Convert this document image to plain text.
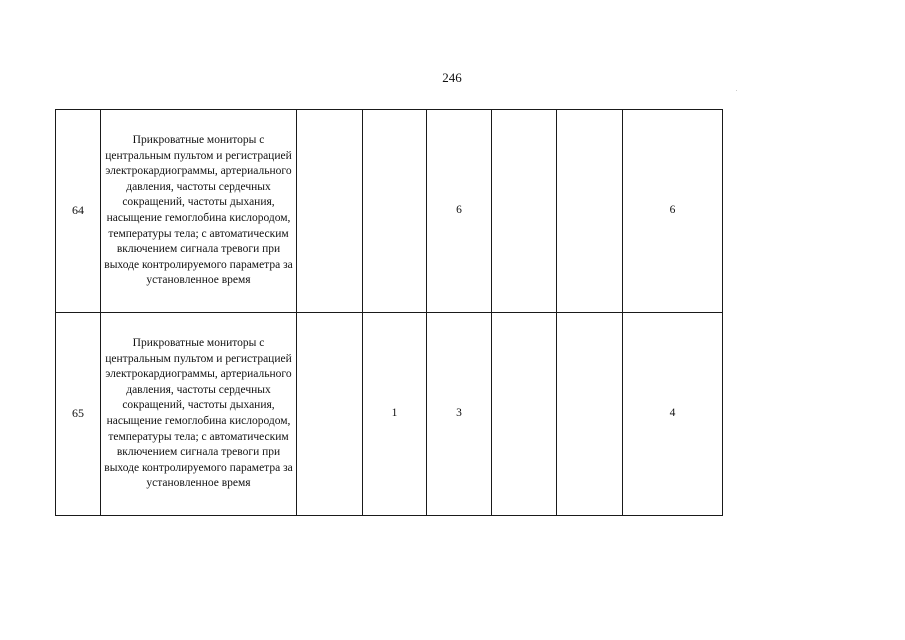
246
64	Прикроватные мониторы с центральным пультом и регистрацией электрокардиограммы, артериального давления, частоты сердечных сокращений, частоты дыхания, насыщение гемоглобина кислородом, температуры тела; с автоматическим включением сигнала тревоги при выходе контролируемого параметра за установленное время			6			6
65	Прикроватные мониторы с центральным пультом и регистрацией электрокардиограммы, артериального давления, частоты сердечных сокращений, частоты дыхания, насыщение гемоглобина кислородом, температуры тела; с автоматическим включением сигнала тревоги при выходе контролируемого параметра за установленное время		1	3			4
